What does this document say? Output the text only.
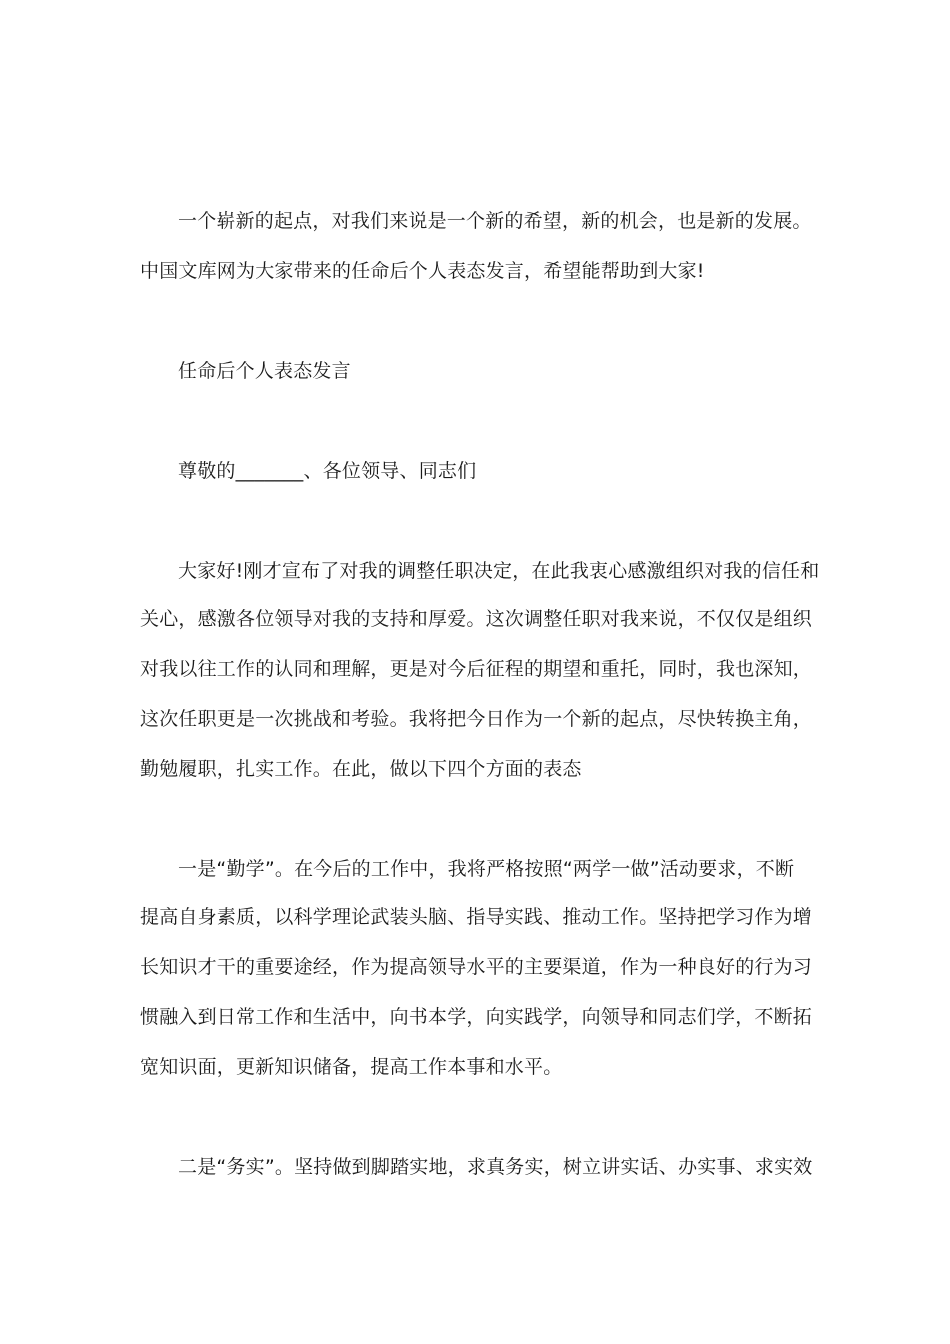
一个崭新的起点，对我们来说是一个新的希望，新的机会，也是新的发展。
中国文库网为大家带来的任命后个人表态发言，希望能帮助到大家!
任命后个人表态发言
尊敬的_______、各位领导、同志们
大家好!刚才宣布了对我的调整任职决定，在此我衷心感激组织对我的信任和
关心，感激各位领导对我的支持和厚爱。这次调整任职对我来说，不仅仅是组织
对我以往工作的认同和理解，更是对今后征程的期望和重托，同时，我也深知，
这次任职更是一次挑战和考验。我将把今日作为一个新的起点，尽快转换主角，
勤勉履职，扎实工作。在此，做以下四个方面的表态
一是“勤学”。在今后的工作中，我将严格按照“两学一做”活动要求，不断
提高自身素质，以科学理论武装头脑、指导实践、推动工作。坚持把学习作为增
长知识才干的重要途经，作为提高领导水平的主要渠道，作为一种良好的行为习
惯融入到日常工作和生活中，向书本学，向实践学，向领导和同志们学，不断拓
宽知识面，更新知识储备，提高工作本事和水平。
二是“务实”。坚持做到脚踏实地，求真务实，树立讲实话、办实事、求实效
